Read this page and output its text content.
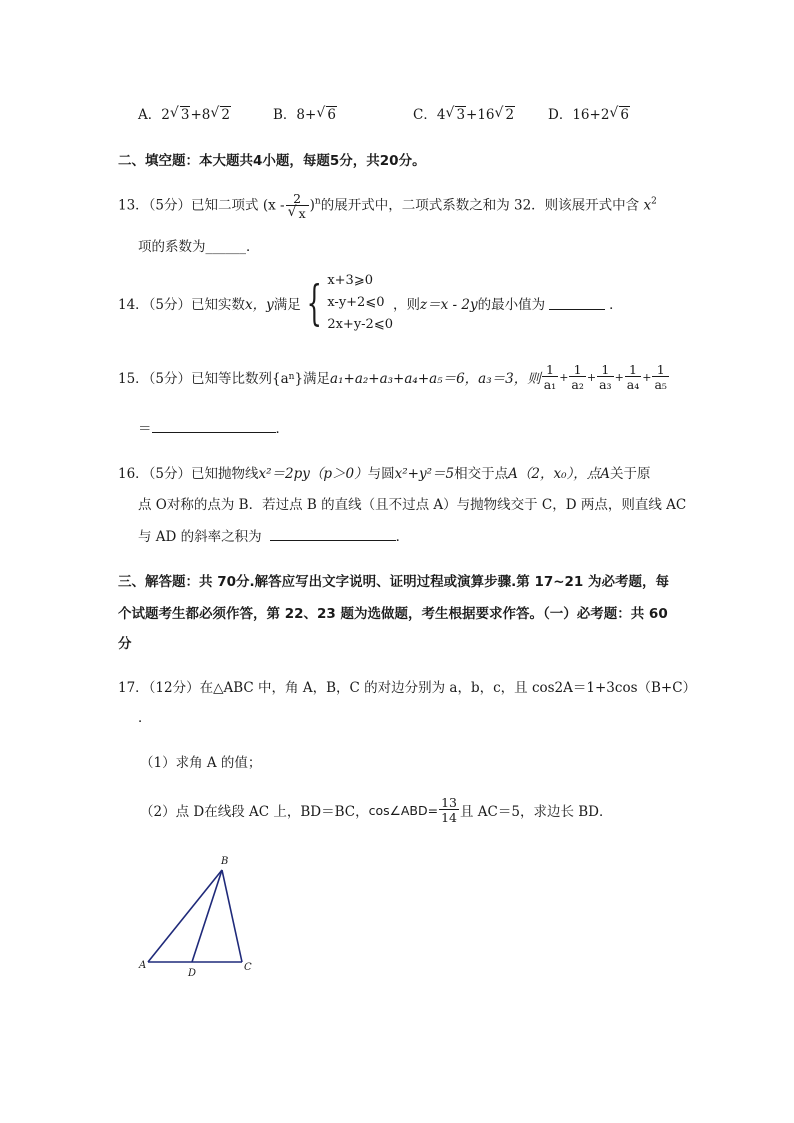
A．2 √ 3+8 √ 2	B．8+ √ 6	C．4 √ 3+16 √ 2	D．16+2 √ 6
二、填空题：本大题共4小题，每题5分，共20分。
13．（5分）已知二项式 (x - 2
√ x )$^n$的展开式中，二项式系数之和为 32．则该展开式中含 $x^2$
项的系数为______．
14．（5分）已知实数 x，y 满足 { x+3⩾0
x-y+2⩽0
2x+y-2⩽0
，则 z＝x - 2y 的最小值为	．
15．（5分）已知等比数列{a n }满足 a₁+a₂+a₃+a₄+a₅＝6，a₃＝3，则 $\frac{1}{\text{a₁}} + \frac{1}{\text{a₂}} + \frac{1}{\text{a₃}} + \frac{1}{\text{a₄}} + \frac{1}{\text{a₅}}$
＝	．
16．（5分）已知抛物线x²＝2py（p＞0）与圆x²+y²＝5相交于点A（2，x₀），点A关于原
点 O对称的点为 B．若过点 B 的直线（且不过点 A）与抛物线交于 C，D 两点，则直线 AC
与 AD 的斜率之积为	．
三、解答题：共 70分.解答应写出文字说明、证明过程或演算步骤.第 17~21 为必考题，每
个试题考生都必须作答，第 22、23 题为选做题，考生根据要求作答。（一）必考题：共 60
分
17．（12分）在△ABC 中，角 A，B，C 的对边分别为 a，b，c，且 cos2A＝1+3cos（B+C）
．
（1）求角 A 的值；
（2）点 D在线段 AC 上，BD＝BC， cos∠ABD= $\frac{13}{14}$ 且 AC＝5，求边长 BD．
B
A
D
C
